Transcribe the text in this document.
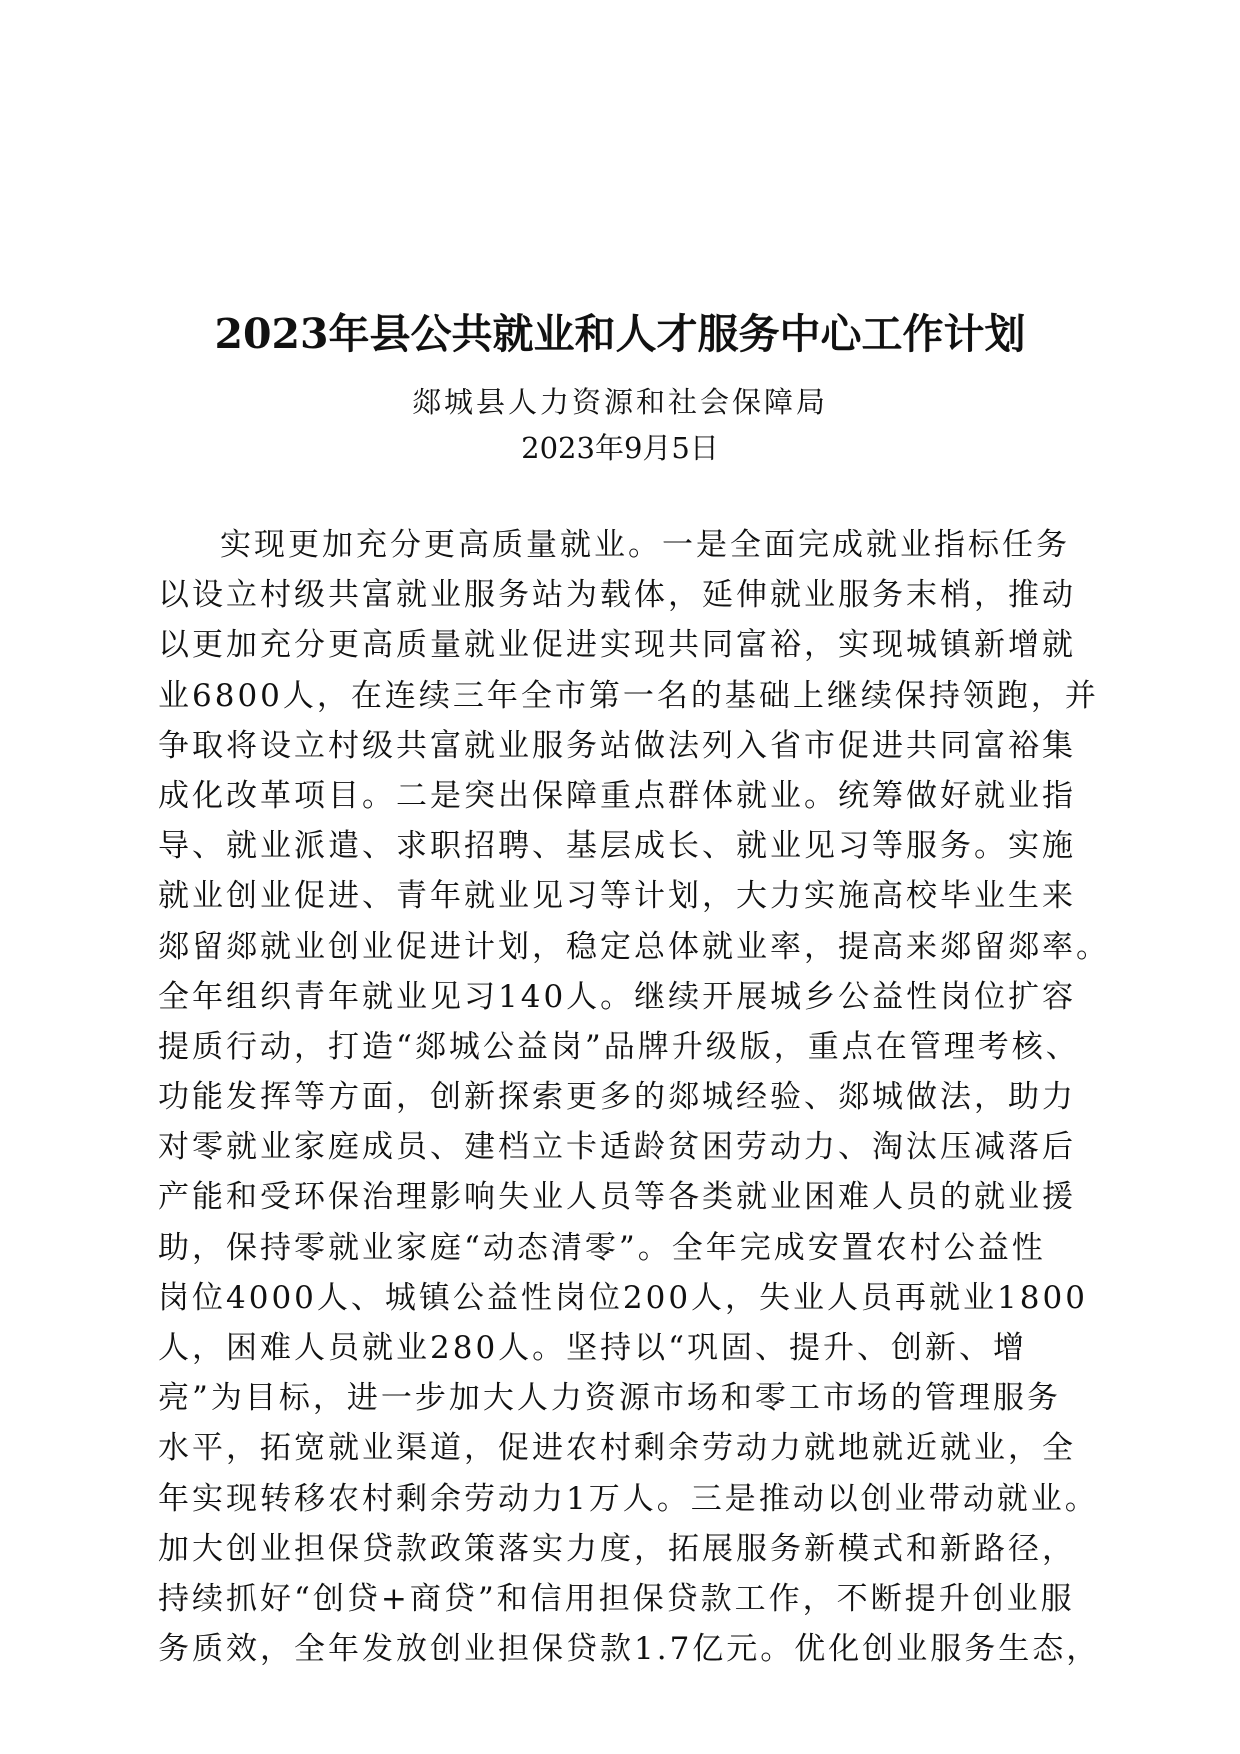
2023年县公共就业和人才服务中心工作计划
郯城县人力资源和社会保障局
2023年9月5日
实现更加充分更高质量就业。一是全面完成就业指标任务
以设立村级共富就业服务站为载体，延伸就业服务末梢，推动
以更加充分更高质量就业促进实现共同富裕，实现城镇新增就
业6800人，在连续三年全市第一名的基础上继续保持领跑，并
争取将设立村级共富就业服务站做法列入省市促进共同富裕集
成化改革项目。二是突出保障重点群体就业。统筹做好就业指
导、就业派遣、求职招聘、基层成长、就业见习等服务。实施
就业创业促进、青年就业见习等计划，大力实施高校毕业生来
郯留郯就业创业促进计划，稳定总体就业率，提高来郯留郯率。
全年组织青年就业见习140人。继续开展城乡公益性岗位扩容
提质行动，打造“郯城公益岗”品牌升级版，重点在管理考核、
功能发挥等方面，创新探索更多的郯城经验、郯城做法，助力
对零就业家庭成员、建档立卡适龄贫困劳动力、淘汰压减落后
产能和受环保治理影响失业人员等各类就业困难人员的就业援
助，保持零就业家庭“动态清零”。全年完成安置农村公益性
岗位4000人、城镇公益性岗位200人，失业人员再就业1800
人，困难人员就业280人。坚持以“巩固、提升、创新、增
亮”为目标，进一步加大人力资源市场和零工市场的管理服务
水平，拓宽就业渠道，促进农村剩余劳动力就地就近就业，全
年实现转移农村剩余劳动力1万人。三是推动以创业带动就业。
加大创业担保贷款政策落实力度，拓展服务新模式和新路径，
持续抓好“创贷+商贷”和信用担保贷款工作，不断提升创业服
务质效，全年发放创业担保贷款1.7亿元。优化创业服务生态，
